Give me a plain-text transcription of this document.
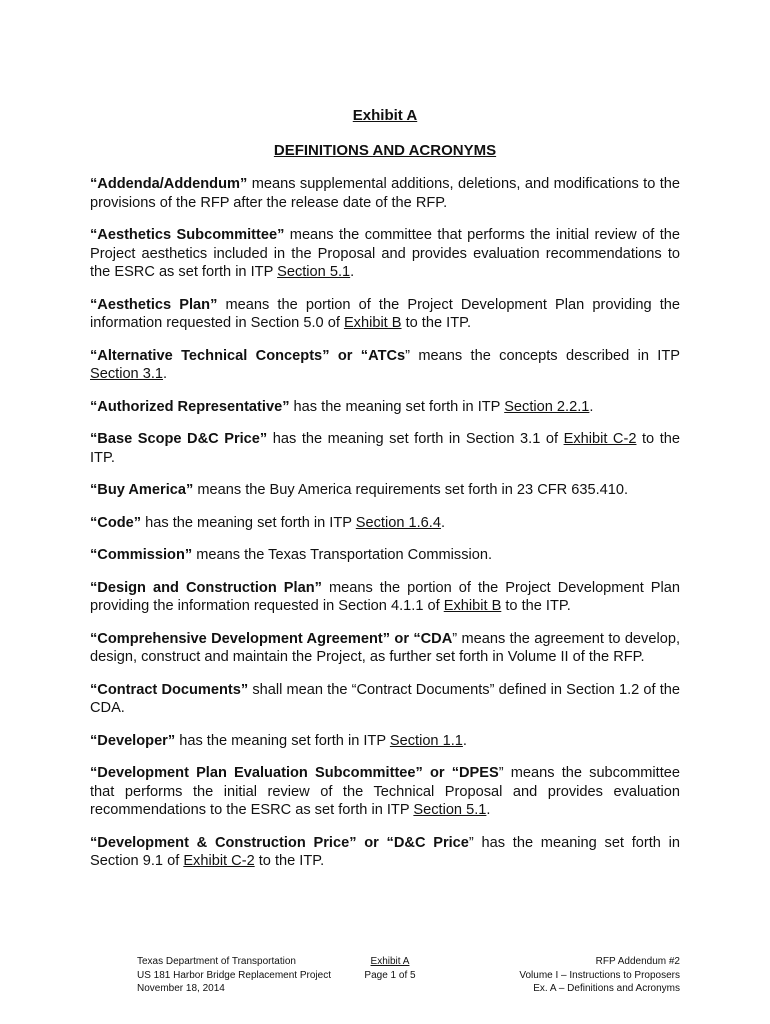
Exhibit A
DEFINITIONS AND ACRONYMS

“Addenda/Addendum” means supplemental additions, deletions, and modifications to the provisions of the RFP after the release date of the RFP.

“Aesthetics Subcommittee” means the committee that performs the initial review of the Project aesthetics included in the Proposal and provides evaluation recommendations to the ESRC as set forth in ITP Section 5.1.

“Aesthetics Plan” means the portion of the Project Development Plan providing the information requested in Section 5.0 of Exhibit B to the ITP.

“Alternative Technical Concepts” or “ATCs” means the concepts described in ITP Section 3.1.

“Authorized Representative” has the meaning set forth in ITP Section 2.2.1.

“Base Scope D&C Price” has the meaning set forth in Section 3.1 of Exhibit C-2 to the ITP.

“Buy America” means the Buy America requirements set forth in 23 CFR 635.410.

“Code” has the meaning set forth in ITP Section 1.6.4.

“Commission” means the Texas Transportation Commission.

“Design and Construction Plan” means the portion of the Project Development Plan providing the information requested in Section 4.1.1 of Exhibit B to the ITP.

“Comprehensive Development Agreement” or “CDA” means the agreement to develop, design, construct and maintain the Project, as further set forth in Volume II of the RFP.

“Contract Documents” shall mean the “Contract Documents” defined in Section 1.2 of the CDA.

“Developer” has the meaning set forth in ITP Section 1.1.

“Development Plan Evaluation Subcommittee” or “DPES” means the subcommittee that performs the initial review of the Technical Proposal and provides evaluation recommendations to the ESRC as set forth in ITP Section 5.1.

“Development & Construction Price” or “D&C Price” has the meaning set forth in Section 9.1 of Exhibit C-2 to the ITP.

Texas Department of Transportation
US 181 Harbor Bridge Replacement Project
November 18, 2014
Exhibit A
Page 1 of 5
RFP Addendum #2
Volume I – Instructions to Proposers
Ex. A – Definitions and Acronyms
